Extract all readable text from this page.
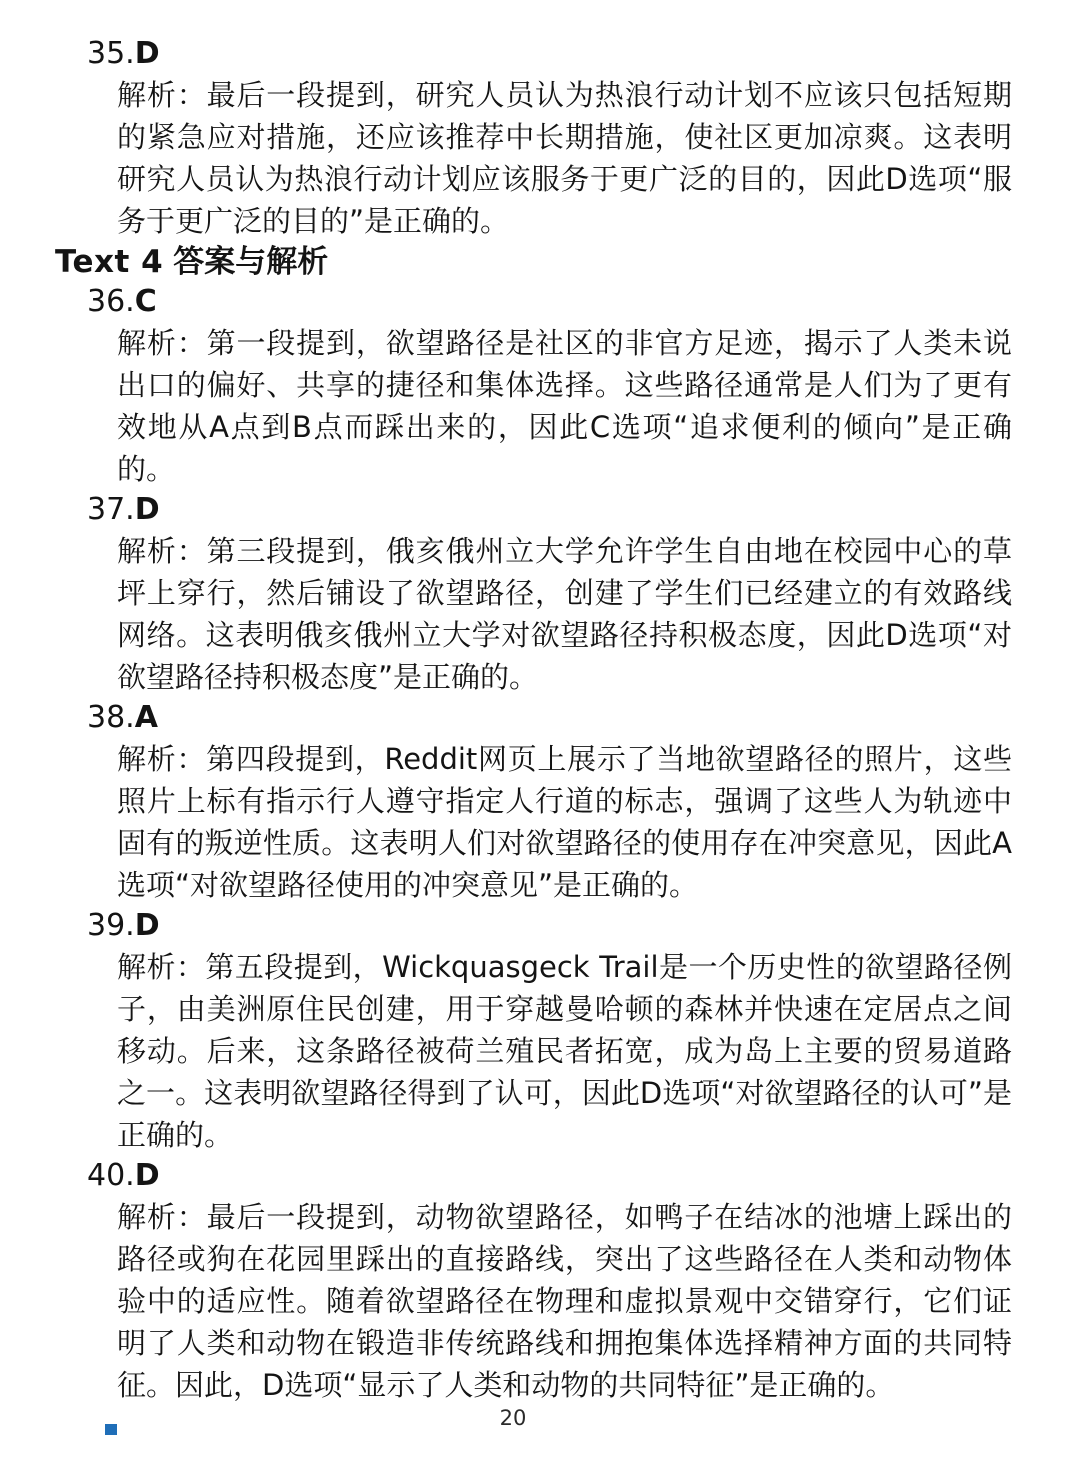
35.D

解析：最后一段提到，研究人员认为热浪行动计划不应该只包括短期的紧急应对措施，还应该推荐中长期措施，使社区更加凉爽。这表明研究人员认为热浪行动计划应该服务于更广泛的目的，因此D选项“服务于更广泛的目的”是正确的。

Text 4 答案与解析
36.C

解析：第一段提到，欲望路径是社区的非官方足迹，揭示了人类未说出口的偏好、共享的捷径和集体选择。这些路径通常是人们为了更有效地从A点到B点而踩出来的，因此C选项“追求便利的倾向”是正确的。

37.D

解析：第三段提到，俄亥俄州立大学允许学生自由地在校园中心的草坪上穿行，然后铺设了欲望路径，创建了学生们已经建立的有效路线网络。这表明俄亥俄州立大学对欲望路径持积极态度，因此D选项“对欲望路径持积极态度”是正确的。

38.A

解析：第四段提到，Reddit网页上展示了当地欲望路径的照片，这些照片上标有指示行人遵守指定人行道的标志，强调了这些人为轨迹中固有的叛逆性质。这表明人们对欲望路径的使用存在冲突意见，因此A选项“对欲望路径使用的冲突意见”是正确的。

39.D

解析：第五段提到，Wickquasgeck Trail是一个历史性的欲望路径例子，由美洲原住民创建，用于穿越曼哈顿的森林并快速在定居点之间移动。后来，这条路径被荷兰殖民者拓宽，成为岛上主要的贸易道路之一。这表明欲望路径得到了认可，因此D选项“对欲望路径的认可”是正确的。

40.D

解析：最后一段提到，动物欲望路径，如鸭子在结冰的池塘上踩出的路径或狗在花园里踩出的直接路线，突出了这些路径在人类和动物体验中的适应性。随着欲望路径在物理和虚拟景观中交错穿行，它们证明了人类和动物在锻造非传统路线和拥抱集体选择精神方面的共同特征。因此，D选项“显示了人类和动物的共同特征”是正确的。

20
